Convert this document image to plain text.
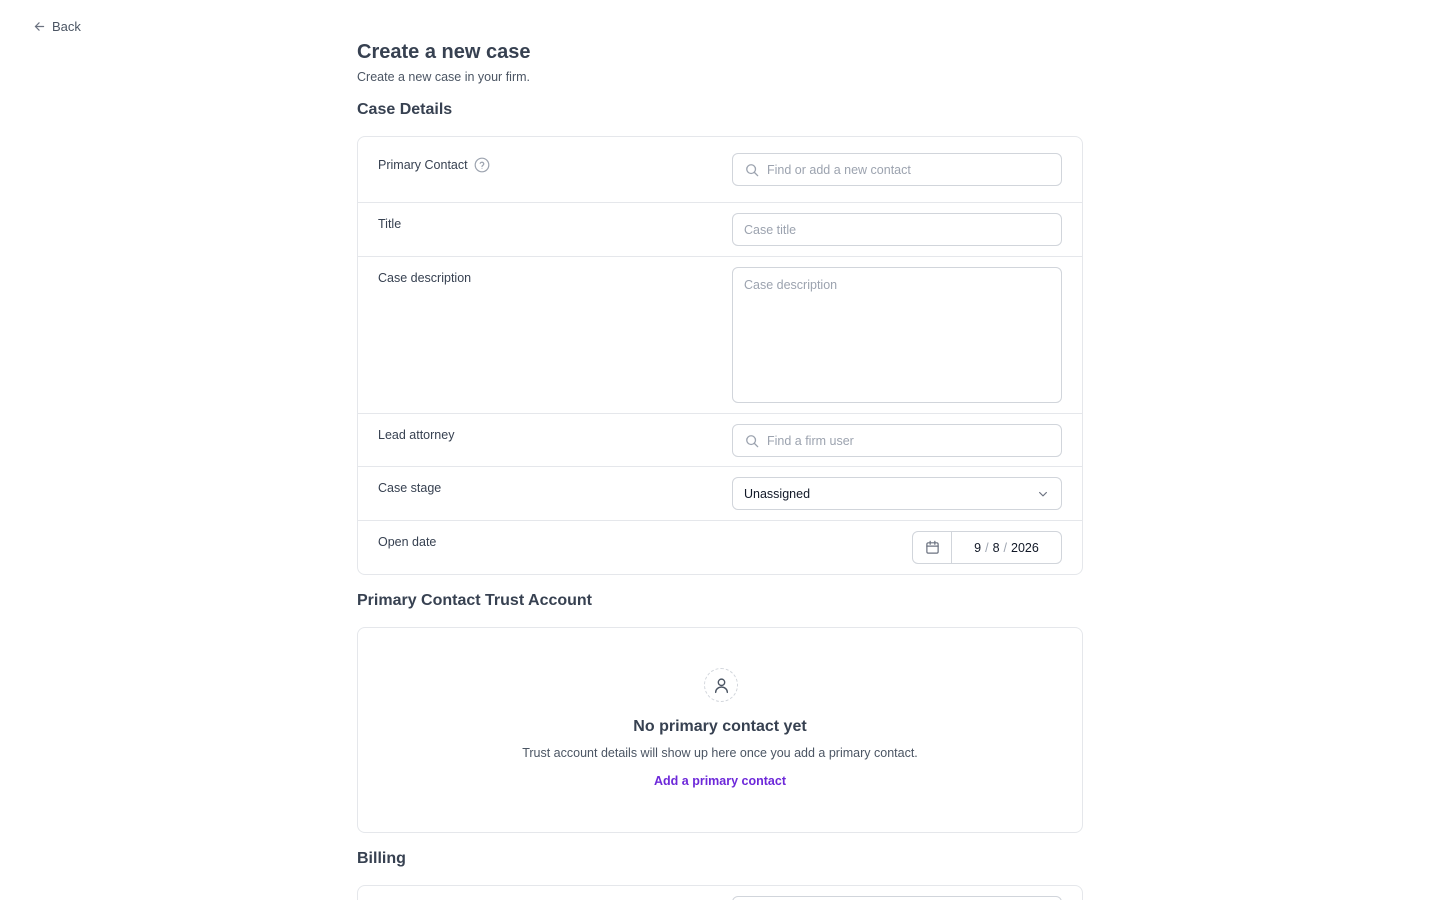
Back
Create a new case

Create a new case in your firm.

Case Details
Primary Contact	Find or add a new contact
Title	Case title
Case description	Case description
Lead attorney	Find a firm user
Case stage	Unassigned
Open date	9 / 8 / 2026
Primary Contact Trust Account
No primary contact yet
Trust account details will show up here once you add a primary contact.
Add a primary contact
Billing
